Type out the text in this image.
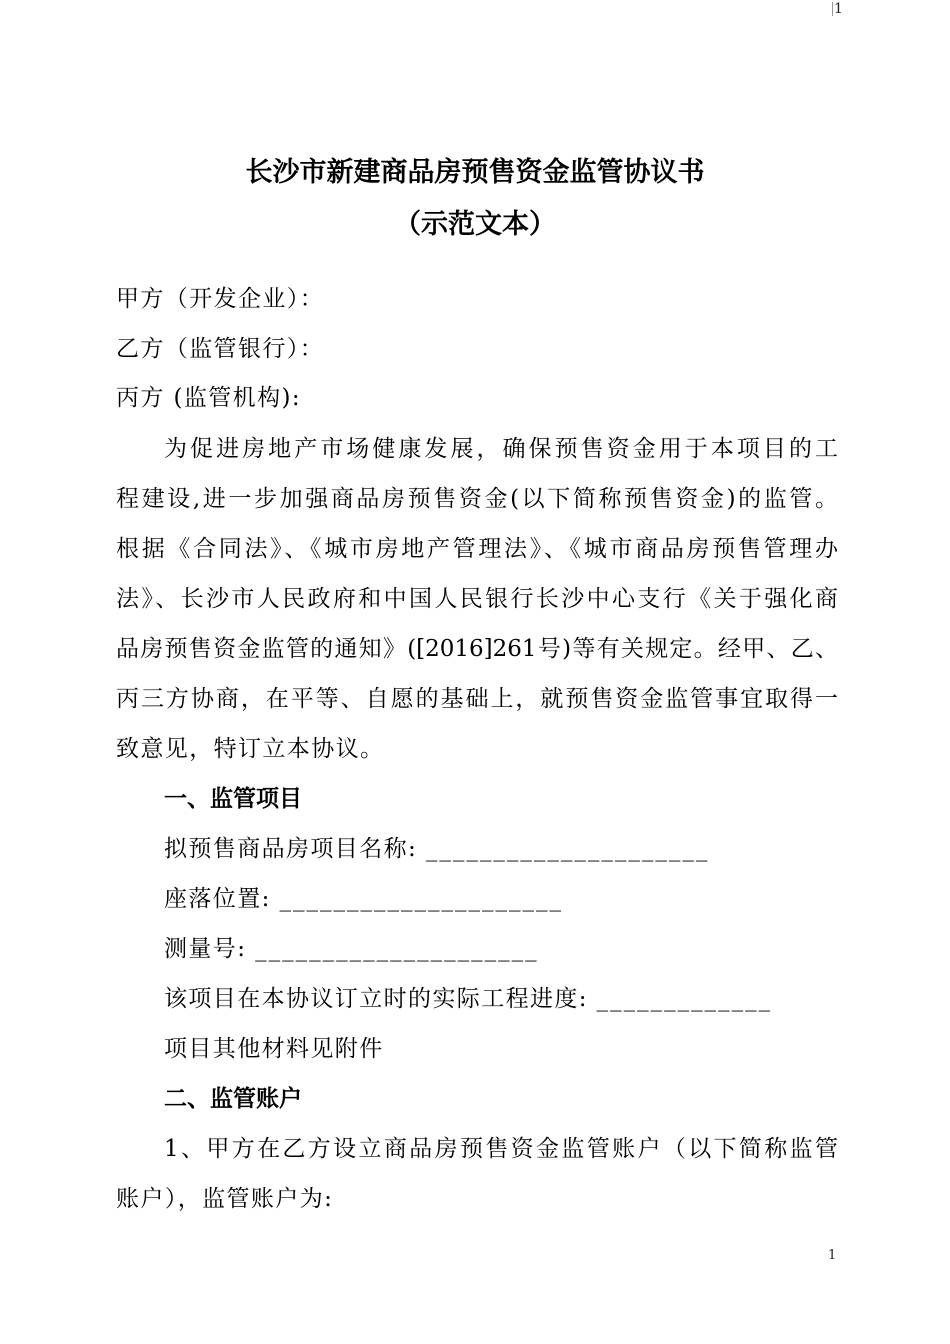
1
长沙市新建商品房预售资金监管协议书
（示范文本）
甲方（开发企业）：
乙方（监管银行）：
丙方 (监管机构):
为促进房地产市场健康发展，确保预售资金用于本项目的工
程建设,进一步加强商品房预售资金(以下简称预售资金)的监管。
根据《合同法》、《城市房地产管理法》、《城市商品房预售管理办
法》、长沙市人民政府和中国人民银行长沙中心支行《关于强化商
品房预售资金监管的通知》([2016]261号)等有关规定。经甲、乙、
丙三方协商，在平等、自愿的基础上，就预售资金监管事宜取得一
致意见，特订立本协议。
一、监管项目
拟预售商品房项目名称: _____________________
座落位置: _____________________
测量号: _____________________
该项目在本协议订立时的实际工程进度: _____________
项目其他材料见附件
二、监管账户
1、甲方在乙方设立商品房预售资金监管账户（以下简称监管
账户），监管账户为:
1
